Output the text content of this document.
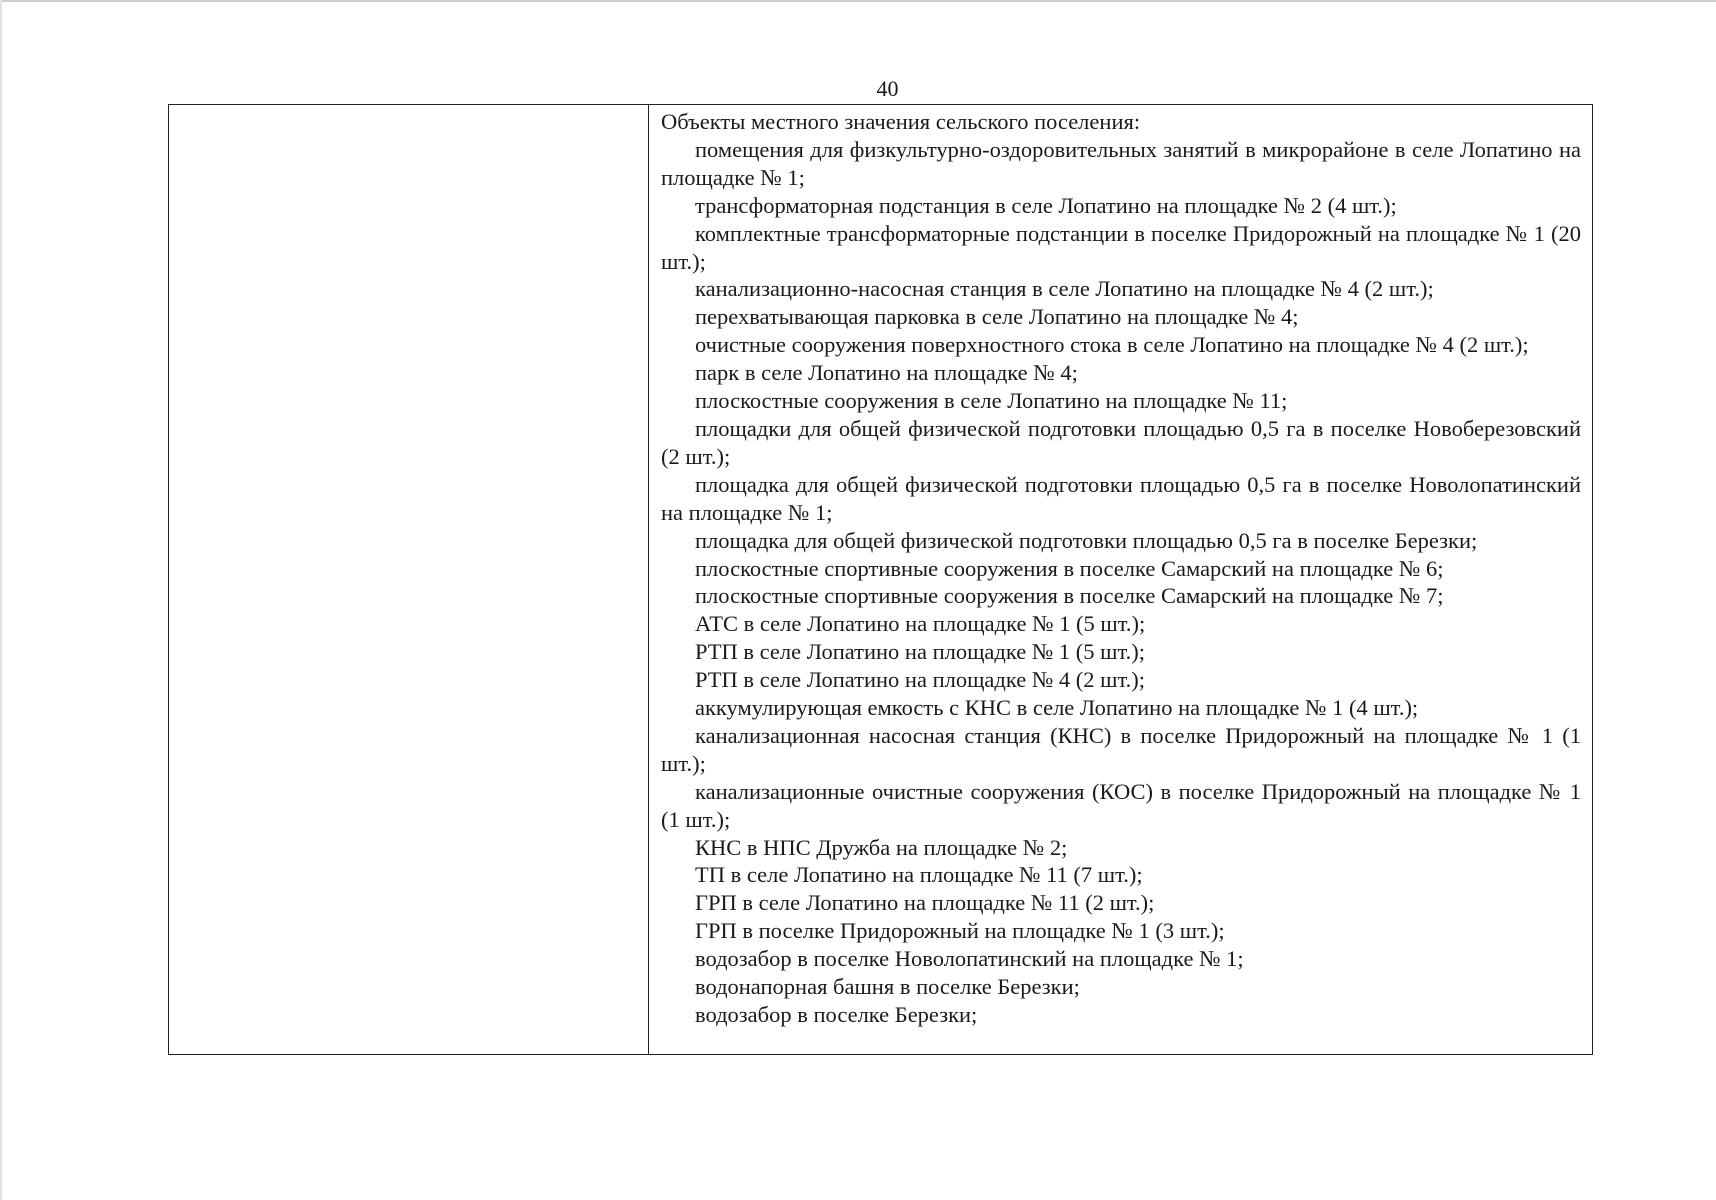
40

Объекты местного значения сельского поселения:

помещения для физкультурно-оздоровительных занятий в микрорайоне в селе Лопатино на площадке № 1;

трансформаторная подстанция в селе Лопатино на площадке № 2 (4 шт.);

комплектные трансформаторные подстанции в поселке Придорожный на площадке № 1 (20 шт.);

канализационно-насосная станция в селе Лопатино на площадке № 4 (2 шт.);

перехватывающая парковка в селе Лопатино на площадке № 4;

очистные сооружения поверхностного стока в селе Лопатино на площадке № 4 (2 шт.);

парк в селе Лопатино на площадке № 4;

плоскостные сооружения в селе Лопатино на площадке № 11;

площадки для общей физической подготовки площадью 0,5 га в поселке Новоберезовский (2 шт.);

площадка для общей физической подготовки площадью 0,5 га в поселке Новолопатинский на площадке № 1;

площадка для общей физической подготовки площадью 0,5 га в поселке Березки;

плоскостные спортивные сооружения в поселке Самарский на площадке № 6;

плоскостные спортивные сооружения в поселке Самарский на площадке № 7;

АТС в селе Лопатино на площадке № 1 (5 шт.);

РТП в селе Лопатино на площадке № 1 (5 шт.);

РТП в селе Лопатино на площадке № 4 (2 шт.);

аккумулирующая емкость с КНС в селе Лопатино на площадке № 1 (4 шт.);

канализационная насосная станция (КНС) в поселке Придорожный на площадке № 1 (1 шт.);

канализационные очистные сооружения (КОС) в поселке Придорожный на площадке № 1 (1 шт.);

КНС в НПС Дружба на площадке № 2;

ТП в селе Лопатино на площадке № 11 (7 шт.);

ГРП в селе Лопатино на площадке № 11 (2 шт.);

ГРП в поселке Придорожный на площадке № 1 (3 шт.);

водозабор в поселке Новолопатинский на площадке № 1;

водонапорная башня в поселке Березки;

водозабор в поселке Березки;
